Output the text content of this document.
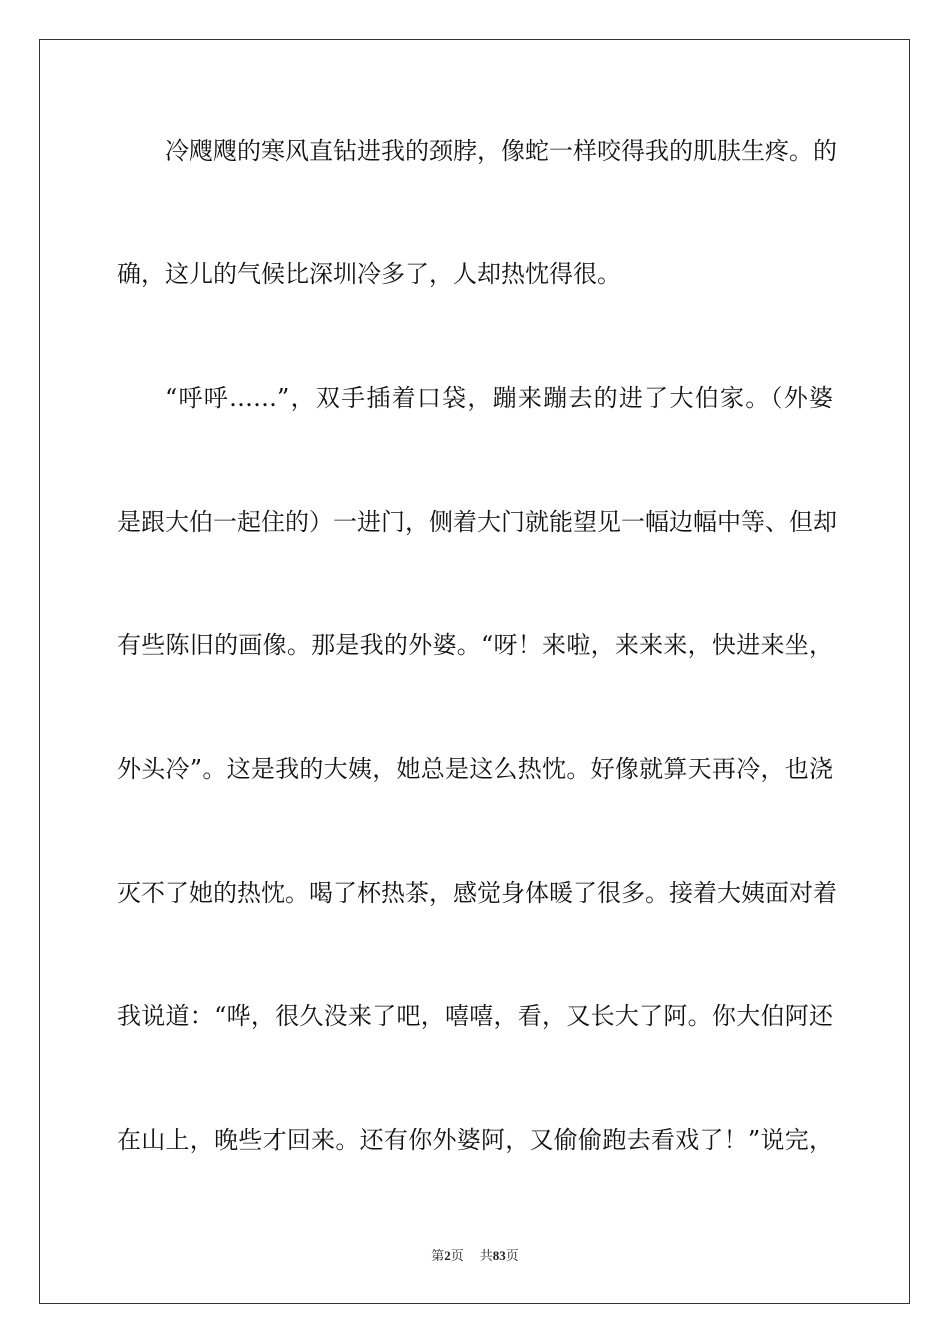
冷飕飕的寒风直钻进我的颈脖，像蛇一样咬得我的肌肤生疼。的
确，这儿的气候比深圳冷多了，人却热忱得很。
“呼呼……”，双手插着口袋，蹦来蹦去的进了大伯家。（外婆
是跟大伯一起住的）一进门，侧着大门就能望见一幅边幅中等、但却
有些陈旧的画像。那是我的外婆。“呀！来啦，来来来，快进来坐，
外头冷”。这是我的大姨，她总是这么热忱。好像就算天再冷，也浇
灭不了她的热忱。喝了杯热茶，感觉身体暖了很多。接着大姨面对着
我说道：“哗，很久没来了吧，嘻嘻，看，又长大了阿。你大伯阿还
在山上，晚些才回来。还有你外婆阿，又偷偷跑去看戏了！”说完，
第2页 共83页
